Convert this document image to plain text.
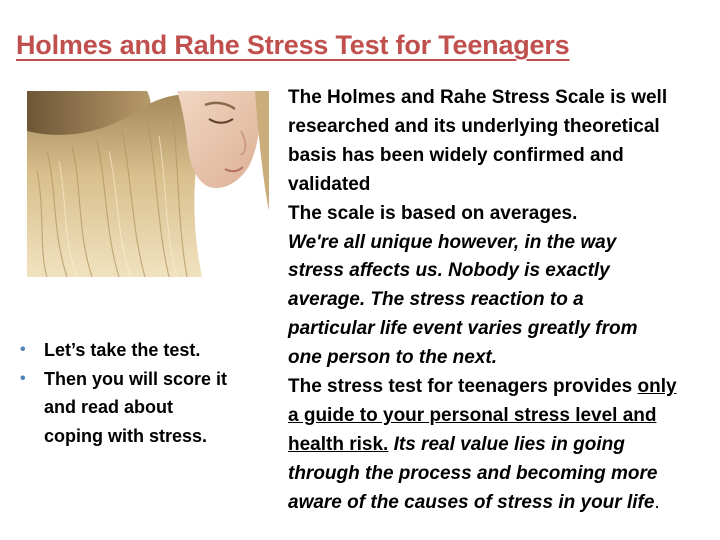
Holmes and Rahe Stress Test for Teenagers
• Let’s take the test.
• Then you will score it
and read about
coping with stress.

The Holmes and Rahe Stress Scale is well
researched and its underlying theoretical
basis has been widely confirmed and
validated

The scale is based on averages.

We're all unique however, in the way
stress affects us. Nobody is exactly
average. The stress reaction to a
particular life event varies greatly from
one person to the next.

The stress test for teenagers provides only
a guide to your personal stress level and
health risk. Its real value lies in going
through the process and becoming more
aware of the causes of stress in your life.
